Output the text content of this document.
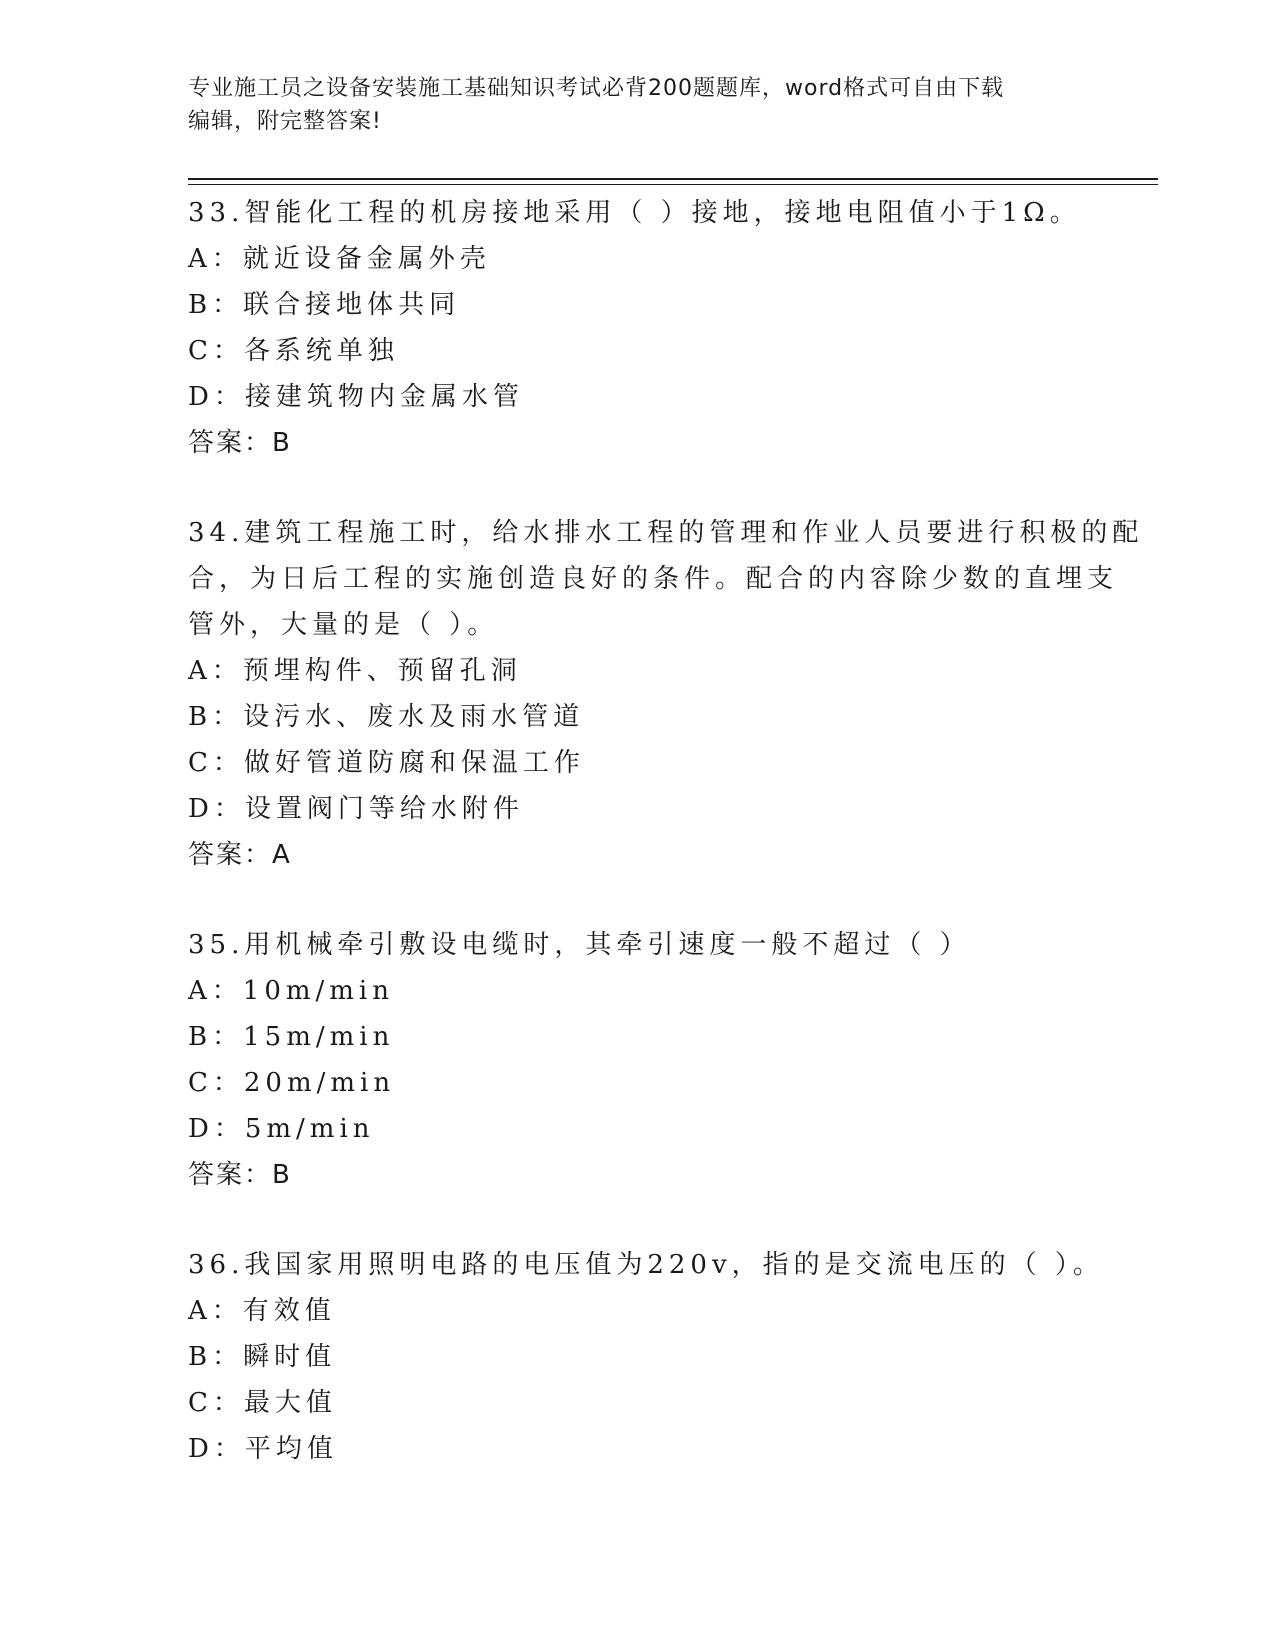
专业施工员之设备安装施工基础知识考试必背200题题库，word格式可自由下载
编辑，附完整答案!
33.智能化工程的机房接地采用（ ）接地，接地电阻值小于1Ω。
A：就近设备金属外壳
B：联合接地体共同
C：各系统单独
D：接建筑物内金属水管
答案：B
34.建筑工程施工时，给水排水工程的管理和作业人员要进行积极的配
合，为日后工程的实施创造良好的条件。配合的内容除少数的直埋支
管外，大量的是（ ）。
A：预埋构件、预留孔洞
B：设污水、废水及雨水管道
C：做好管道防腐和保温工作
D：设置阀门等给水附件
答案：A
35.用机械牵引敷设电缆时，其牵引速度一般不超过（ ）
A：10m/min
B：15m/min
C：20m/min
D：5m/min
答案：B
36.我国家用照明电路的电压值为220v，指的是交流电压的（ ）。
A：有效值
B：瞬时值
C：最大值
D：平均值
